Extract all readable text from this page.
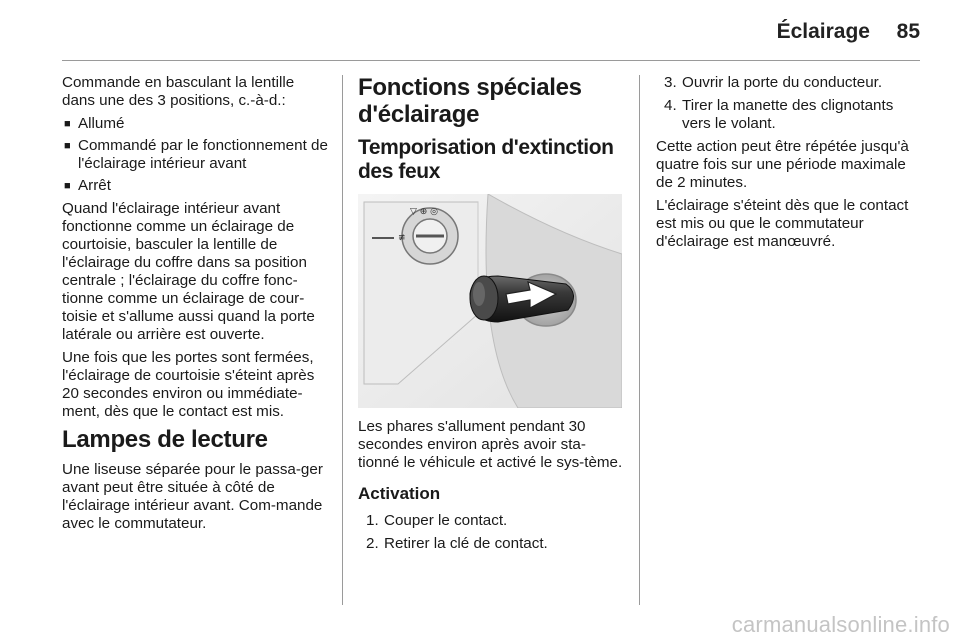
Éclairage	85

Commande en basculant la lentille dans une des 3 positions, c.-à-d.:

■ Allumé
■ Commandé par le fonctionnement de l'éclairage intérieur avant
■ Arrêt

Quand l'éclairage intérieur avant fonctionne comme un éclairage de courtoisie, basculer la lentille de l'éclairage du coffre dans sa position centrale ; l'éclairage du coffre fonc-tionne comme un éclairage de cour-toisie et s'allume aussi quand la porte latérale ou arrière est ouverte.

Une fois que les portes sont fermées, l'éclairage de courtoisie s'éteint après 20 secondes environ ou immédiate-ment, dès que le contact est mis.

Lampes de lecture

Une liseuse séparée pour le passa-ger avant peut être située à côté de l'éclairage intérieur avant. Com-mande avec le commutateur.

Fonctions spéciales d'éclairage
Temporisation d'extinction des feux
▽ ⊕ ◎
≢

Les phares s'allument pendant 30 secondes environ après avoir sta-tionné le véhicule et activé le sys-tème.

Activation
1. Couper le contact.
2. Retirer la clé de contact.
3. Ouvrir la porte du conducteur.
4. Tirer la manette des clignotants vers le volant.

Cette action peut être répétée jusqu'à quatre fois sur une période maximale de 2 minutes.

L'éclairage s'éteint dès que le contact est mis ou que le commutateur d'éclairage est manœuvré.

carmanualsonline.info
